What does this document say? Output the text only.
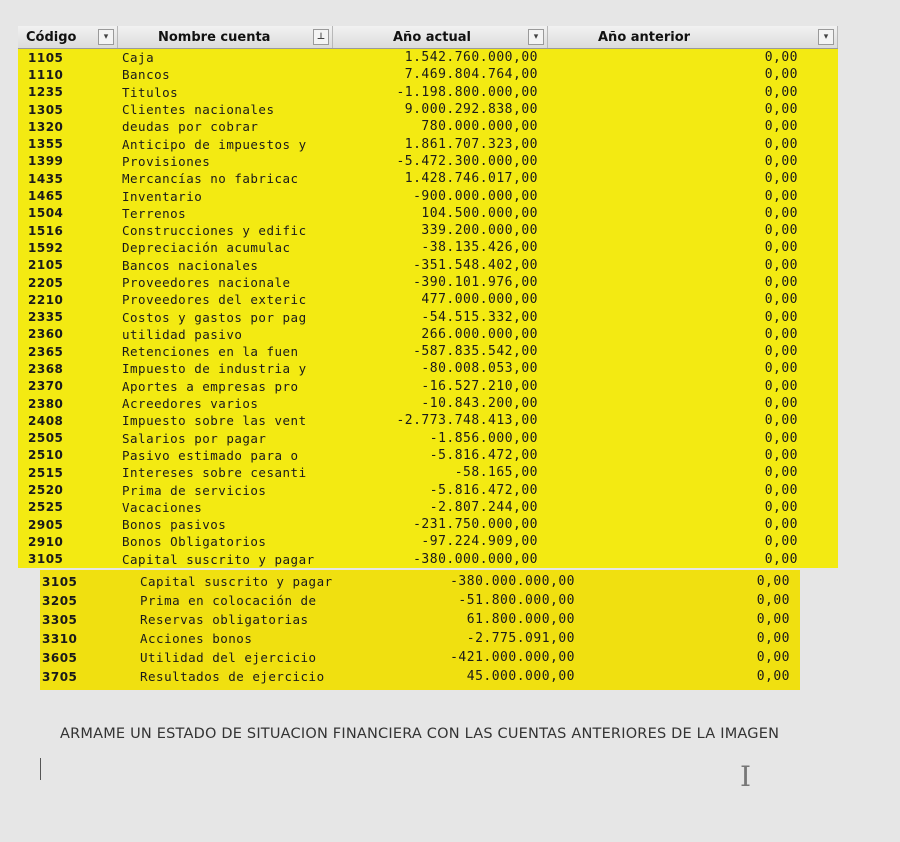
Código	▾	Nombre cuenta	⊥	Año actual	▾	Año anterior	▾
1105	Caja	1.542.760.000,00	0,00
1110	Bancos	7.469.804.764,00	0,00
1235	Titulos	-1.198.800.000,00	0,00
1305	Clientes nacionales	9.000.292.838,00	0,00
1320	deudas por cobrar	780.000.000,00	0,00
1355	Anticipo de impuestos y	1.861.707.323,00	0,00
1399	Provisiones	-5.472.300.000,00	0,00
1435	Mercancías no fabricac	1.428.746.017,00	0,00
1465	Inventario	-900.000.000,00	0,00
1504	Terrenos	104.500.000,00	0,00
1516	Construcciones y edific	339.200.000,00	0,00
1592	Depreciación acumulac	-38.135.426,00	0,00
2105	Bancos nacionales	-351.548.402,00	0,00
2205	Proveedores nacionale	-390.101.976,00	0,00
2210	Proveedores del exteric	477.000.000,00	0,00
2335	Costos y gastos por pag	-54.515.332,00	0,00
2360	utilidad pasivo	266.000.000,00	0,00
2365	Retenciones en la fuen	-587.835.542,00	0,00
2368	Impuesto de industria y	-80.008.053,00	0,00
2370	Aportes a empresas pro	-16.527.210,00	0,00
2380	Acreedores varios	-10.843.200,00	0,00
2408	Impuesto sobre las vent	-2.773.748.413,00	0,00
2505	Salarios por pagar	-1.856.000,00	0,00
2510	Pasivo estimado para o	-5.816.472,00	0,00
2515	Intereses sobre cesanti	-58.165,00	0,00
2520	Prima de servicios	-5.816.472,00	0,00
2525	Vacaciones	-2.807.244,00	0,00
2905	Bonos pasivos	-231.750.000,00	0,00
2910	Bonos Obligatorios	-97.224.909,00	0,00
3105	Capital suscrito y pagar	-380.000.000,00	0,00
3105	Capital suscrito y pagar	-380.000.000,00	0,00
3205	Prima en colocación de	-51.800.000,00	0,00
3305	Reservas obligatorias	61.800.000,00	0,00
3310	Acciones bonos	-2.775.091,00	0,00
3605	Utilidad del ejercicio	-421.000.000,00	0,00
3705	Resultados de ejercicio	45.000.000,00	0,00
ARMAME UN ESTADO DE SITUACION FINANCIERA CON LAS CUENTAS ANTERIORES DE LA IMAGEN
I
